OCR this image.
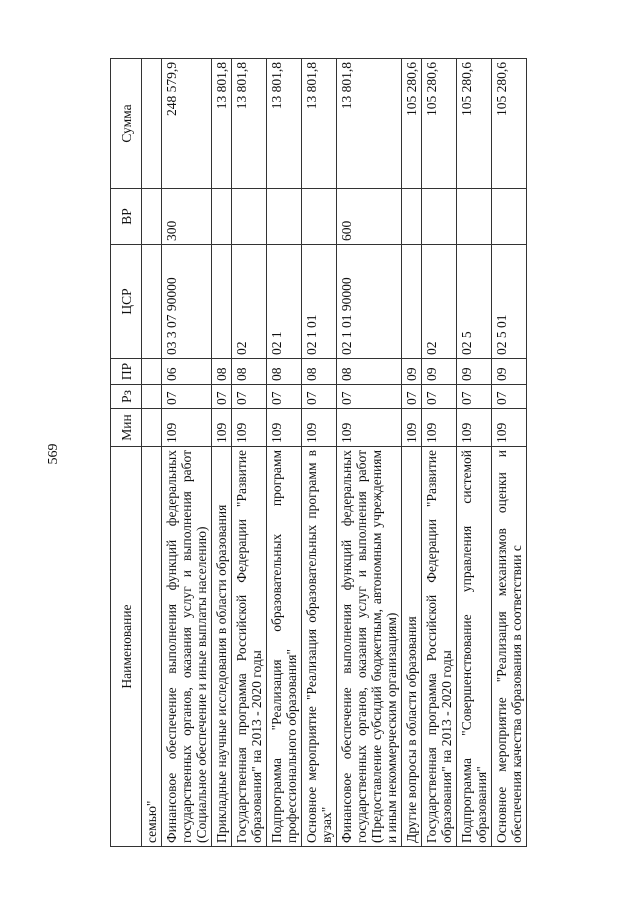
569
Наименование	Мин	Рз	ПР	ЦСР	ВР	Сумма
семью"						
Финансовое обеспечение выполнения функций федеральных государственных органов, оказания услуг и выполнения работ (Социальное обеспечение и иные выплаты населению)	109	07	06	03 3 07 90000	300	248 579,9
Прикладные научные исследования в области образования	109	07	08			13 801,8
Государственная программа Российской Федерации "Развитие образования" на 2013 - 2020 годы	109	07	08	02		13 801,8
Подпрограмма "Реализация образовательных программ профессионального образования"	109	07	08	02 1		13 801,8
Основное мероприятие "Реализация образовательных программ в вузах"	109	07	08	02 1 01		13 801,8
Финансовое обеспечение выполнения функций федеральных государственных органов, оказания услуг и выполнения работ (Предоставление субсидий бюджетным, автономным учреждениям и иным некоммерческим организациям)	109	07	08	02 1 01 90000	600	13 801,8
Другие вопросы в области образования	109	07	09			105 280,6
Государственная программа Российской Федерации "Развитие образования" на 2013 - 2020 годы	109	07	09	02		105 280,6
Подпрограмма "Совершенствование управления системой образования"	109	07	09	02 5		105 280,6
Основное мероприятие "Реализация механизмов оценки и обеспечения качества образования в соответствии с	109	07	09	02 5 01		105 280,6
